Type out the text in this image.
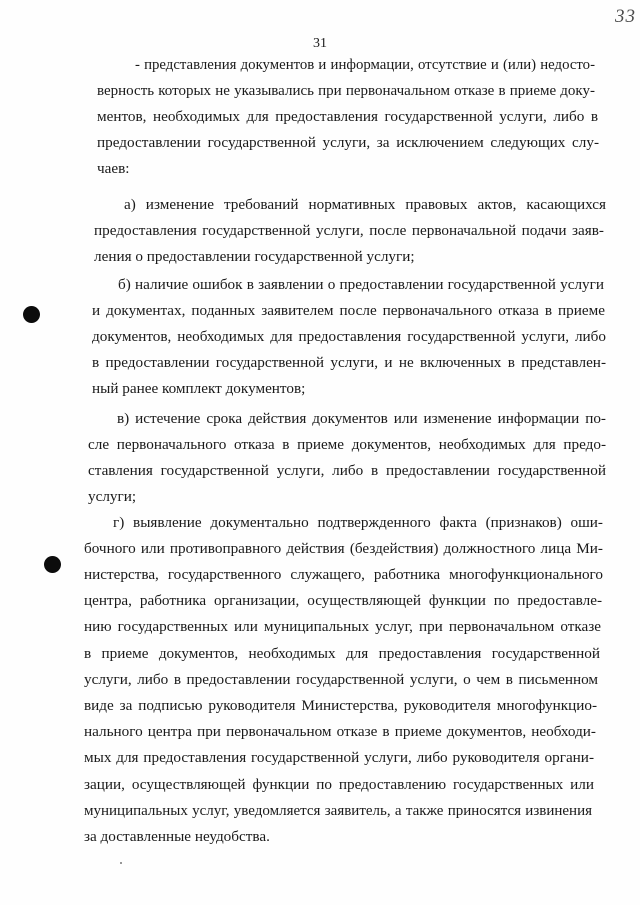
33
31
- представления документов и информации, отсутствие и (или) недосто-
верность которых не указывались при первоначальном отказе в приеме доку-
ментов, необходимых для предоставления государственной услуги, либо в
предоставлении государственной услуги, за исключением следующих слу-
чаев:
а) изменение требований нормативных правовых актов, касающихся
предоставления государственной услуги, после первоначальной подачи заяв-
ления о предоставлении государственной услуги;
б) наличие ошибок в заявлении о предоставлении государственной услуги
и документах, поданных заявителем после первоначального отказа в приеме
документов, необходимых для предоставления государственной услуги, либо
в предоставлении государственной услуги, и не включенных в представлен-
ный ранее комплект документов;
в) истечение срока действия документов или изменение информации по-
сле первоначального отказа в приеме документов, необходимых для предо-
ставления государственной услуги, либо в предоставлении государственной
услуги;
г) выявление документально подтвержденного факта (признаков) оши-
бочного или противоправного действия (бездействия) должностного лица Ми-
нистерства, государственного служащего, работника многофункционального
центра, работника организации, осуществляющей функции по предоставле-
нию государственных или муниципальных услуг, при первоначальном отказе
в приеме документов, необходимых для предоставления государственной
услуги, либо в предоставлении государственной услуги, о чем в письменном
виде за подписью руководителя Министерства, руководителя многофункцио-
нального центра при первоначальном отказе в приеме документов, необходи-
мых для предоставления государственной услуги, либо руководителя органи-
зации, осуществляющей функции по предоставлению государственных или
муниципальных услуг, уведомляется заявитель, а также приносятся извинения
за доставленные неудобства.
